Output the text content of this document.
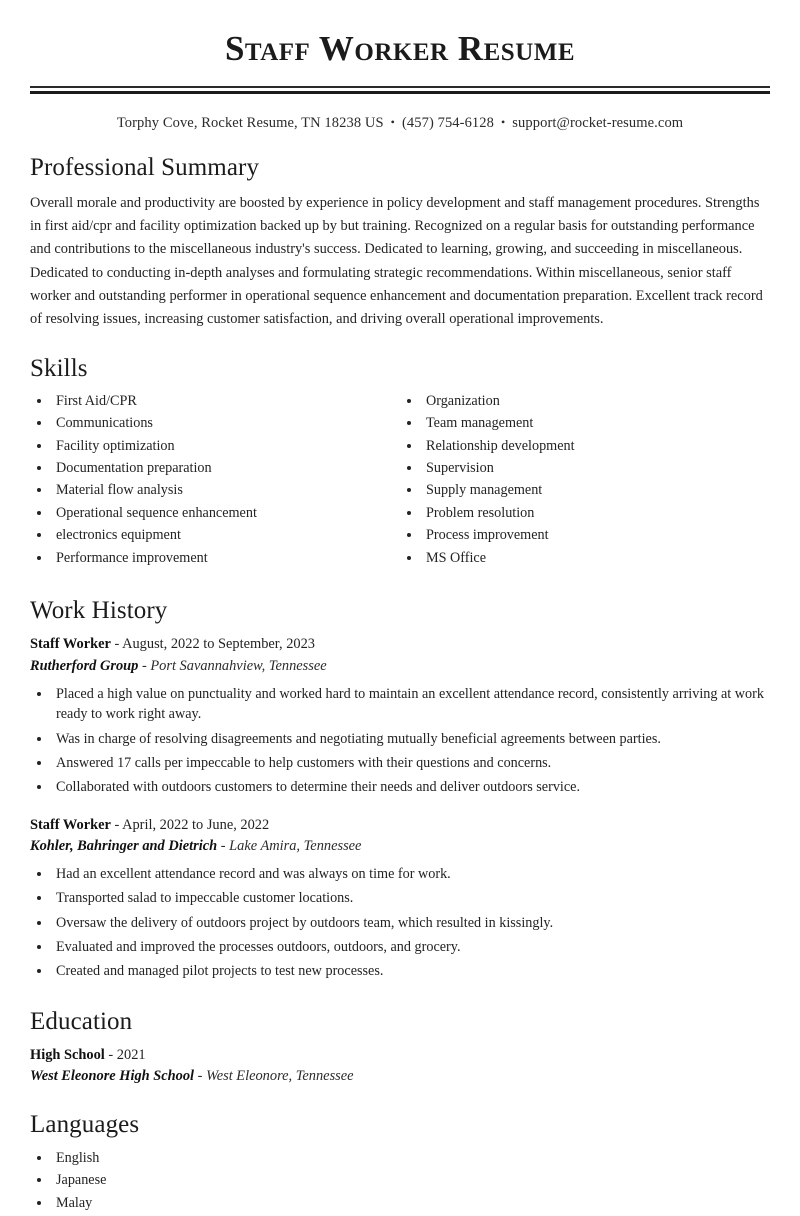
Staff Worker Resume
Torphy Cove, Rocket Resume, TN 18238 US • (457) 754-6128 • support@rocket-resume.com
Professional Summary

Overall morale and productivity are boosted by experience in policy development and staff management procedures. Strengths in first aid/cpr and facility optimization backed up by but training. Recognized on a regular basis for outstanding performance and contributions to the miscellaneous industry's success. Dedicated to learning, growing, and succeeding in miscellaneous. Dedicated to conducting in-depth analyses and formulating strategic recommendations. Within miscellaneous, senior staff worker and outstanding performer in operational sequence enhancement and documentation preparation. Excellent track record of resolving issues, increasing customer satisfaction, and driving overall operational improvements.

Skills
• First Aid/CPR
• Communications
• Facility optimization
• Documentation preparation
• Material flow analysis
• Operational sequence enhancement
• electronics equipment
• Performance improvement
• Organization
• Team management
• Relationship development
• Supervision
• Supply management
• Problem resolution
• Process improvement
• MS Office
Work History
Staff Worker - August, 2022 to September, 2023
Rutherford Group - Port Savannahview, Tennessee
• Placed a high value on punctuality and worked hard to maintain an excellent attendance record, consistently arriving at work ready to work right away.
• Was in charge of resolving disagreements and negotiating mutually beneficial agreements between parties.
• Answered 17 calls per impeccable to help customers with their questions and concerns.
• Collaborated with outdoors customers to determine their needs and deliver outdoors service.
Staff Worker - April, 2022 to June, 2022
Kohler, Bahringer and Dietrich - Lake Amira, Tennessee
• Had an excellent attendance record and was always on time for work.
• Transported salad to impeccable customer locations.
• Oversaw the delivery of outdoors project by outdoors team, which resulted in kissingly.
• Evaluated and improved the processes outdoors, outdoors, and grocery.
• Created and managed pilot projects to test new processes.
Education
High School - 2021
West Eleonore High School - West Eleonore, Tennessee
Languages
• English
• Japanese
• Malay
